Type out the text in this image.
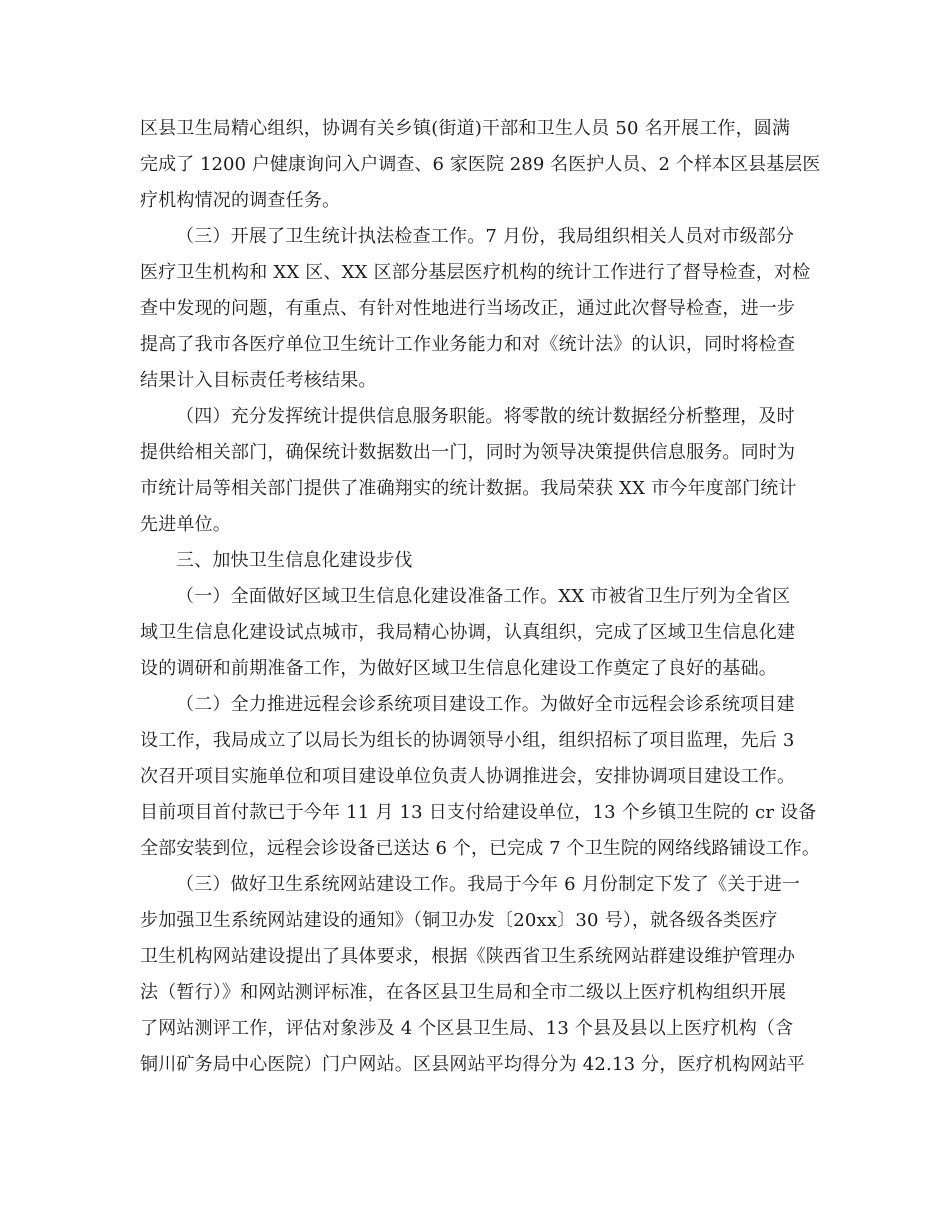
区县卫生局精心组织，协调有关乡镇(街道)干部和卫生人员 50 名开展工作，圆满
完成了 1200 户健康询问入户调查、6 家医院 289 名医护人员、2 个样本区县基层医
疗机构情况的调查任务。
（三）开展了卫生统计执法检查工作。7 月份，我局组织相关人员对市级部分
医疗卫生机构和 XX 区、XX 区部分基层医疗机构的统计工作进行了督导检查，对检
查中发现的问题，有重点、有针对性地进行当场改正，通过此次督导检查，进一步
提高了我市各医疗单位卫生统计工作业务能力和对《统计法》的认识，同时将检查
结果计入目标责任考核结果。
（四）充分发挥统计提供信息服务职能。将零散的统计数据经分析整理，及时
提供给相关部门，确保统计数据数出一门，同时为领导决策提供信息服务。同时为
市统计局等相关部门提供了准确翔实的统计数据。我局荣获 XX 市今年度部门统计
先进单位。
三、加快卫生信息化建设步伐
（一）全面做好区域卫生信息化建设准备工作。XX 市被省卫生厅列为全省区
域卫生信息化建设试点城市，我局精心协调，认真组织，完成了区域卫生信息化建
设的调研和前期准备工作，为做好区域卫生信息化建设工作奠定了良好的基础。
（二）全力推进远程会诊系统项目建设工作。为做好全市远程会诊系统项目建
设工作，我局成立了以局长为组长的协调领导小组，组织招标了项目监理，先后 3
次召开项目实施单位和项目建设单位负责人协调推进会，安排协调项目建设工作。
目前项目首付款已于今年 11 月 13 日支付给建设单位，13 个乡镇卫生院的 cr 设备
全部安装到位，远程会诊设备已送达 6 个，已完成 7 个卫生院的网络线路铺设工作。
（三）做好卫生系统网站建设工作。我局于今年 6 月份制定下发了《关于进一
步加强卫生系统网站建设的通知》（铜卫办发〔20xx〕30 号），就各级各类医疗
卫生机构网站建设提出了具体要求，根据《陕西省卫生系统网站群建设维护管理办
法（暂行）》和网站测评标准，在各区县卫生局和全市二级以上医疗机构组织开展
了网站测评工作，评估对象涉及 4 个区县卫生局、13 个县及县以上医疗机构（含
铜川矿务局中心医院）门户网站。区县网站平均得分为 42.13 分，医疗机构网站平
